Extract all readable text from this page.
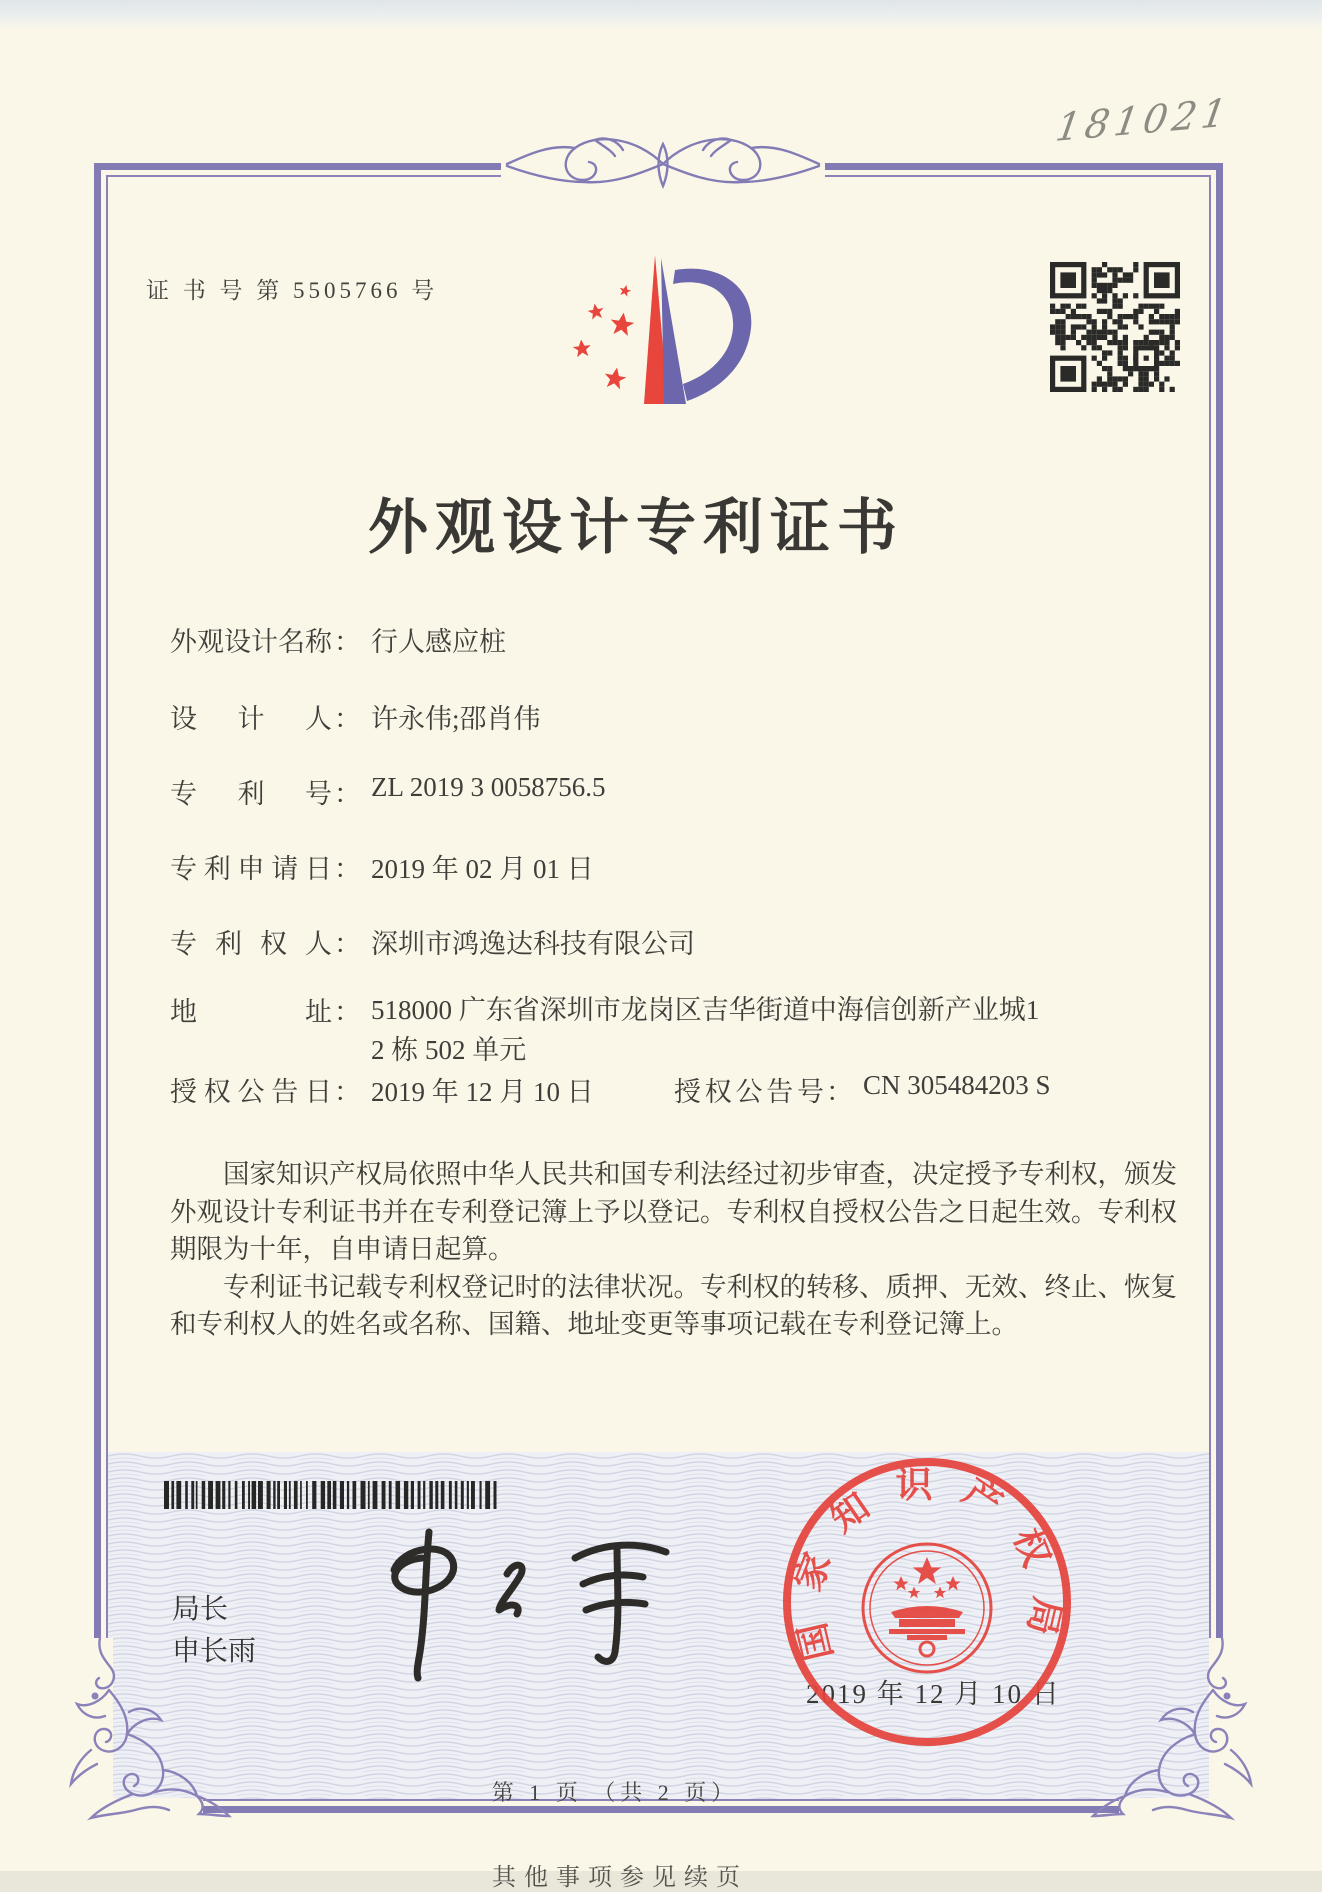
181021
证 书 号 第 5505766 号
外观设计专利证书
外观设计名称： 行人感应桩
设计人： 许永伟;邵肖伟
专利号： ZL 2019 3 0058756.5
专利申请日： 2019 年 02 月 01 日
专利权人： 深圳市鸿逸达科技有限公司
地址： 518000 广东省深圳市龙岗区吉华街道中海信创新产业城1
2 栋 502 单元
授权公告日： 2019 年 12 月 10 日	授权公告号： CN 305484203 S

国家知识产权局依照中华人民共和国专利法经过初步审查，决定授予专利权，颁发外观设计专利证书并在专利登记簿上予以登记。专利权自授权公告之日起生效。专利权期限为十年，自申请日起算。

专利证书记载专利权登记时的法律状况。专利权的转移、质押、无效、终止、恢复和专利权人的姓名或名称、国籍、地址变更等事项记载在专利登记簿上。

局长
申长雨
2019 年 12 月 10 日
国家知识产权局
第 1 页 （共 2 页）
其他事项参见续页
